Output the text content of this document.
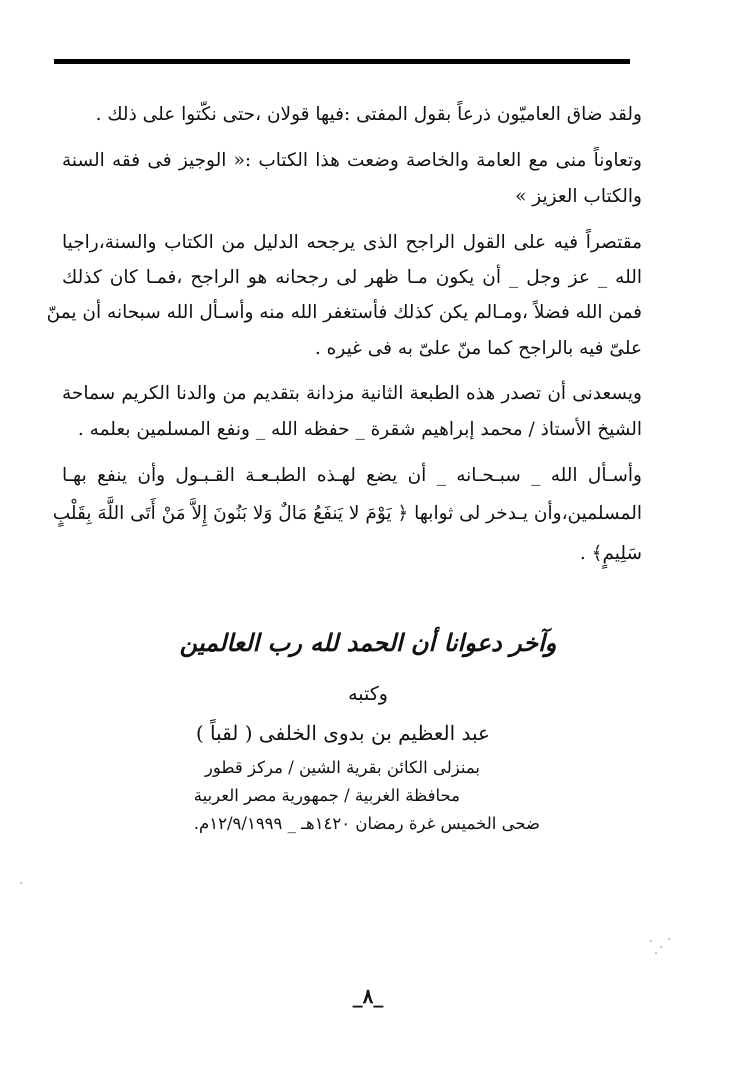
ولقد ضاق العاميّون ذرعاً بقول المفتى :فيها قولان ،حتى نكّتوا على ذلك .
وتعاوناً منى مع العامة والخاصة وضعت هذا الكتاب :« الوجيز فى فقه السنة
والكتاب العزيز »
مقتصراً فيه على القول الراجح الذى يرجحه الدليل من الكتاب والسنة،راجيا
الله _ عز وجل _ أن يكون مـا ظهر لى رجحانه هو الراجح ،فمـا كان كذلك
فمن الله فضلاً ،ومـالم يكن كذلك فأستغفر الله منه وأسـأل الله سبحانه أن يمنّ
علىّ فيه بالراجح كما منّ علىّ به فى غيره .
ويسعدنى أن تصدر هذه الطبعة الثانية مزدانة بتقديم من والدنا الكريم سماحة
الشيخ الأستاذ / محمد إبراهيم شقرة _ حفظه الله _ ونفع المسلمين بعلمه .
وأسـأل الله _ سبـحـانه _ أن يضع لهـذه الطبـعـة القـبـول وأن ينفع بهـا
المسلمين،وأن يـدخر لى ثوابها ﴿ يَوْمَ لا يَنفَعُ مَالٌ وَلا بَنُونَ إِلاَّ مَنْ أَتَى اللَّهَ بِقَلْبٍ
سَلِيمٍ﴾ .
وآخر دعوانا أن الحمد لله رب العالمين
وكتبه
عبد العظيم بن بدوى الخلفى ( لقباً )
بمنزلى الكائن بقرية الشين / مركز قطور
محافظة الغربية / جمهورية مصر العربية
ضحى الخميس غرة رمضان ١٤٢٠هـ _ ١٢/٩/١٩٩٩م.
_٨_
